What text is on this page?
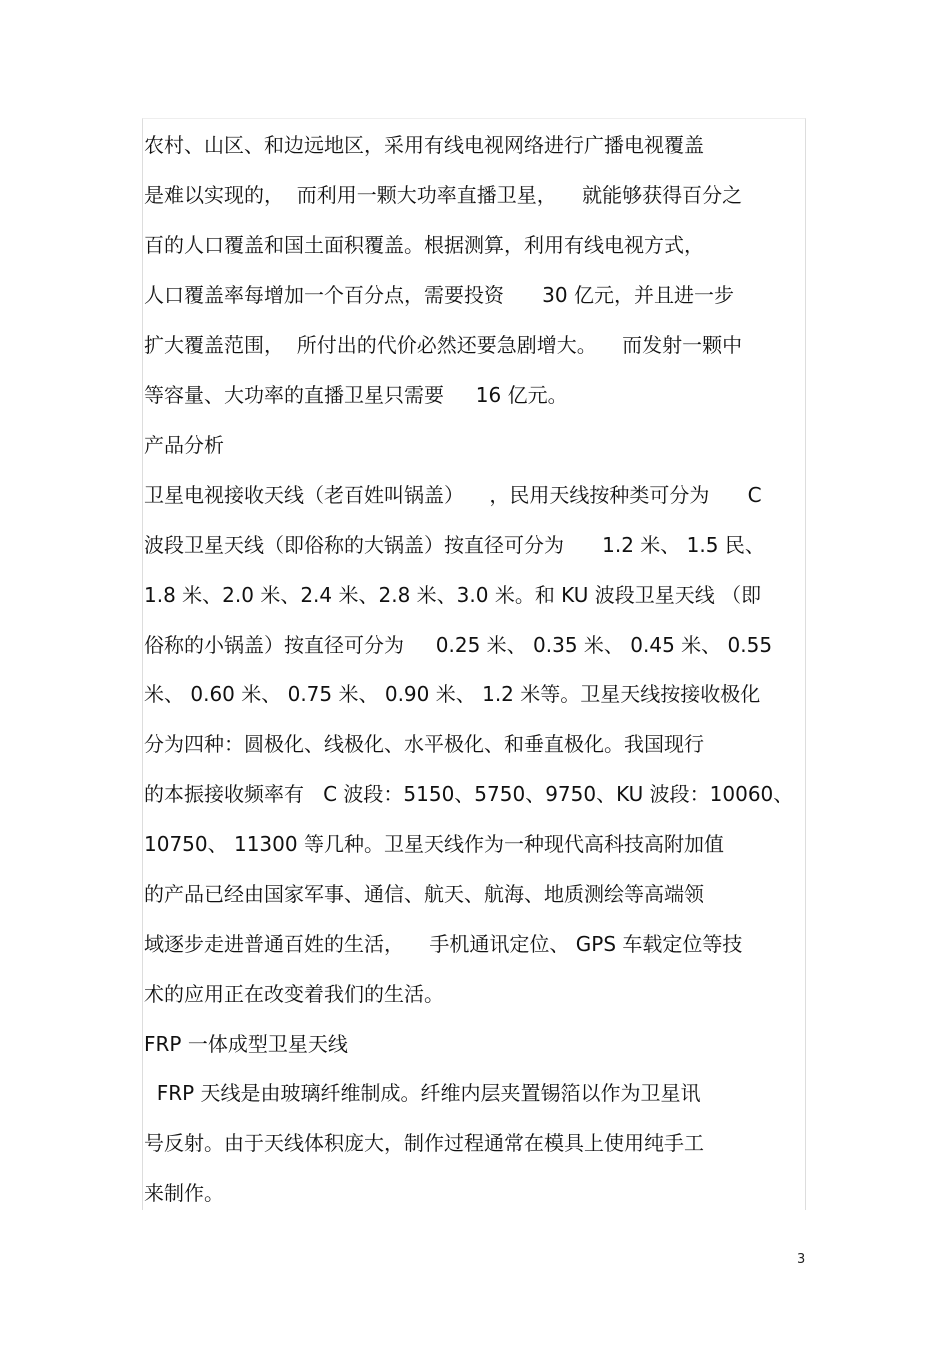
农村、山区、和边远地区，采用有线电视网络进行广播电视覆盖
是难以实现的，  而利用一颗大功率直播卫星，    就能够获得百分之
百的人口覆盖和国土面积覆盖。根据测算，利用有线电视方式，
人口覆盖率每增加一个百分点，需要投资      30 亿元，并且进一步
扩大覆盖范围，  所付出的代价必然还要急剧增大。    而发射一颗中
等容量、大功率的直播卫星只需要     16 亿元。
产品分析
卫星电视接收天线（老百姓叫锅盖）    ，民用天线按种类可分为      C
波段卫星天线（即俗称的大锅盖）按直径可分为      1.2 米、 1.5 民、
1.8 米、2.0 米、2.4 米、2.8 米、3.0 米。和 KU 波段卫星天线 （即
俗称的小锅盖）按直径可分为     0.25 米、 0.35 米、 0.45 米、 0.55
米、 0.60 米、 0.75 米、 0.90 米、 1.2 米等。卫星天线按接收极化
分为四种：圆极化、线极化、水平极化、和垂直极化。我国现行
的本振接收频率有   C 波段：5150、5750、9750、KU 波段：10060、
10750、 11300 等几种。卫星天线作为一种现代高科技高附加值
的产品已经由国家军事、通信、航天、航海、地质测绘等高端领
域逐步走进普通百姓的生活，    手机通讯定位、 GPS 车载定位等技
术的应用正在改变着我们的生活。
FRP 一体成型卫星天线
FRP 天线是由玻璃纤维制成。纤维内层夹置锡箔以作为卫星讯
号反射。由于天线体积庞大，制作过程通常在模具上使用纯手工
来制作。
3
